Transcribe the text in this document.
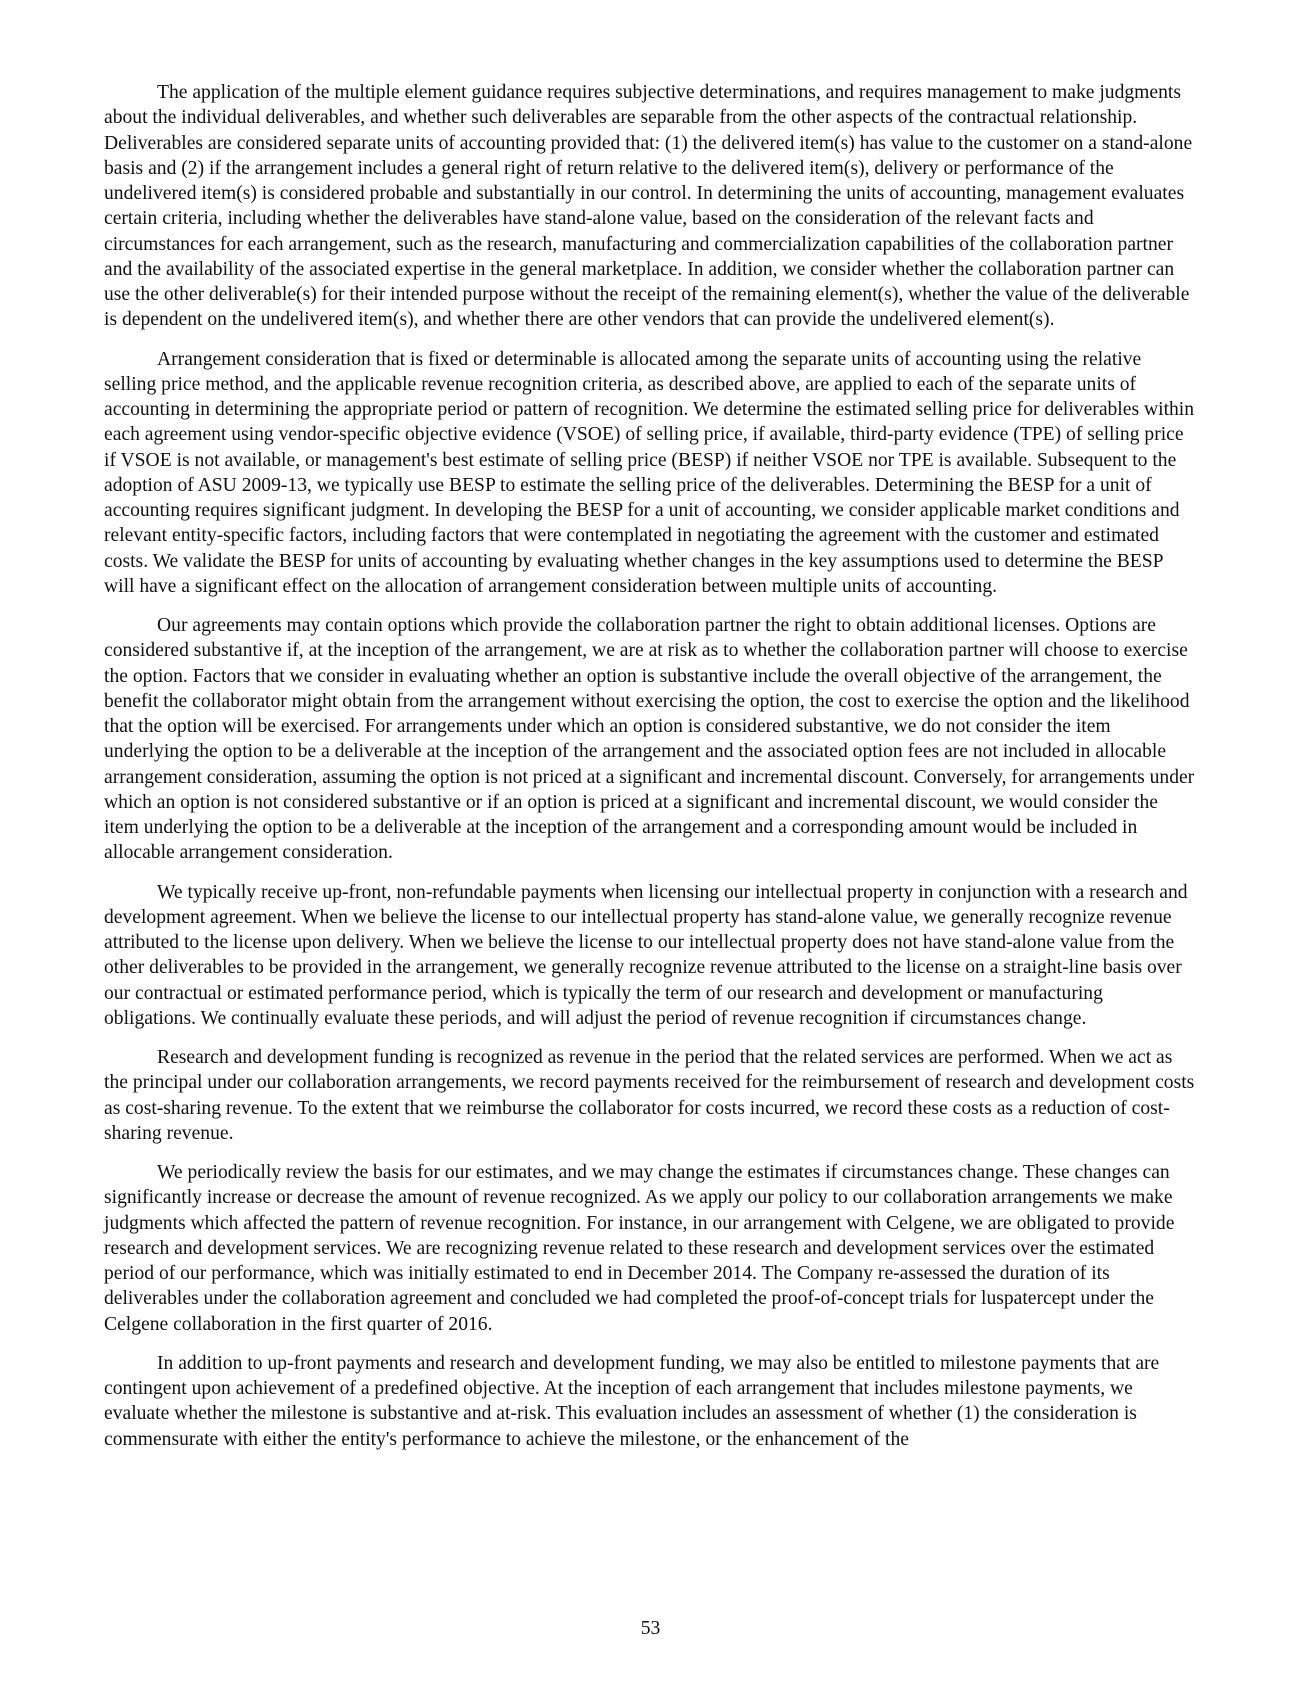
The application of the multiple element guidance requires subjective determinations, and requires management to make judgments about the individual deliverables, and whether such deliverables are separable from the other aspects of the contractual relationship. Deliverables are considered separate units of accounting provided that: (1) the delivered item(s) has value to the customer on a stand-alone basis and (2) if the arrangement includes a general right of return relative to the delivered item(s), delivery or performance of the undelivered item(s) is considered probable and substantially in our control. In determining the units of accounting, management evaluates certain criteria, including whether the deliverables have stand-alone value, based on the consideration of the relevant facts and circumstances for each arrangement, such as the research, manufacturing and commercialization capabilities of the collaboration partner and the availability of the associated expertise in the general marketplace. In addition, we consider whether the collaboration partner can use the other deliverable(s) for their intended purpose without the receipt of the remaining element(s), whether the value of the deliverable is dependent on the undelivered item(s), and whether there are other vendors that can provide the undelivered element(s).

Arrangement consideration that is fixed or determinable is allocated among the separate units of accounting using the relative selling price method, and the applicable revenue recognition criteria, as described above, are applied to each of the separate units of accounting in determining the appropriate period or pattern of recognition. We determine the estimated selling price for deliverables within each agreement using vendor-specific objective evidence (VSOE) of selling price, if available, third-party evidence (TPE) of selling price if VSOE is not available, or management's best estimate of selling price (BESP) if neither VSOE nor TPE is available. Subsequent to the adoption of ASU 2009-13, we typically use BESP to estimate the selling price of the deliverables. Determining the BESP for a unit of accounting requires significant judgment. In developing the BESP for a unit of accounting, we consider applicable market conditions and relevant entity-specific factors, including factors that were contemplated in negotiating the agreement with the customer and estimated costs. We validate the BESP for units of accounting by evaluating whether changes in the key assumptions used to determine the BESP will have a significant effect on the allocation of arrangement consideration between multiple units of accounting.

Our agreements may contain options which provide the collaboration partner the right to obtain additional licenses. Options are considered substantive if, at the inception of the arrangement, we are at risk as to whether the collaboration partner will choose to exercise the option. Factors that we consider in evaluating whether an option is substantive include the overall objective of the arrangement, the benefit the collaborator might obtain from the arrangement without exercising the option, the cost to exercise the option and the likelihood that the option will be exercised. For arrangements under which an option is considered substantive, we do not consider the item underlying the option to be a deliverable at the inception of the arrangement and the associated option fees are not included in allocable arrangement consideration, assuming the option is not priced at a significant and incremental discount. Conversely, for arrangements under which an option is not considered substantive or if an option is priced at a significant and incremental discount, we would consider the item underlying the option to be a deliverable at the inception of the arrangement and a corresponding amount would be included in allocable arrangement consideration.

We typically receive up-front, non-refundable payments when licensing our intellectual property in conjunction with a research and development agreement. When we believe the license to our intellectual property has stand-alone value, we generally recognize revenue attributed to the license upon delivery. When we believe the license to our intellectual property does not have stand-alone value from the other deliverables to be provided in the arrangement, we generally recognize revenue attributed to the license on a straight-line basis over our contractual or estimated performance period, which is typically the term of our research and development or manufacturing obligations. We continually evaluate these periods, and will adjust the period of revenue recognition if circumstances change.

Research and development funding is recognized as revenue in the period that the related services are performed. When we act as the principal under our collaboration arrangements, we record payments received for the reimbursement of research and development costs as cost-sharing revenue. To the extent that we reimburse the collaborator for costs incurred, we record these costs as a reduction of cost-sharing revenue.

We periodically review the basis for our estimates, and we may change the estimates if circumstances change. These changes can significantly increase or decrease the amount of revenue recognized. As we apply our policy to our collaboration arrangements we make judgments which affected the pattern of revenue recognition. For instance, in our arrangement with Celgene, we are obligated to provide research and development services. We are recognizing revenue related to these research and development services over the estimated period of our performance, which was initially estimated to end in December 2014. The Company re-assessed the duration of its deliverables under the collaboration agreement and concluded we had completed the proof-of-concept trials for luspatercept under the Celgene collaboration in the first quarter of 2016.

In addition to up-front payments and research and development funding, we may also be entitled to milestone payments that are contingent upon achievement of a predefined objective. At the inception of each arrangement that includes milestone payments, we evaluate whether the milestone is substantive and at-risk. This evaluation includes an assessment of whether (1) the consideration is commensurate with either the entity's performance to achieve the milestone, or the enhancement of the

53
